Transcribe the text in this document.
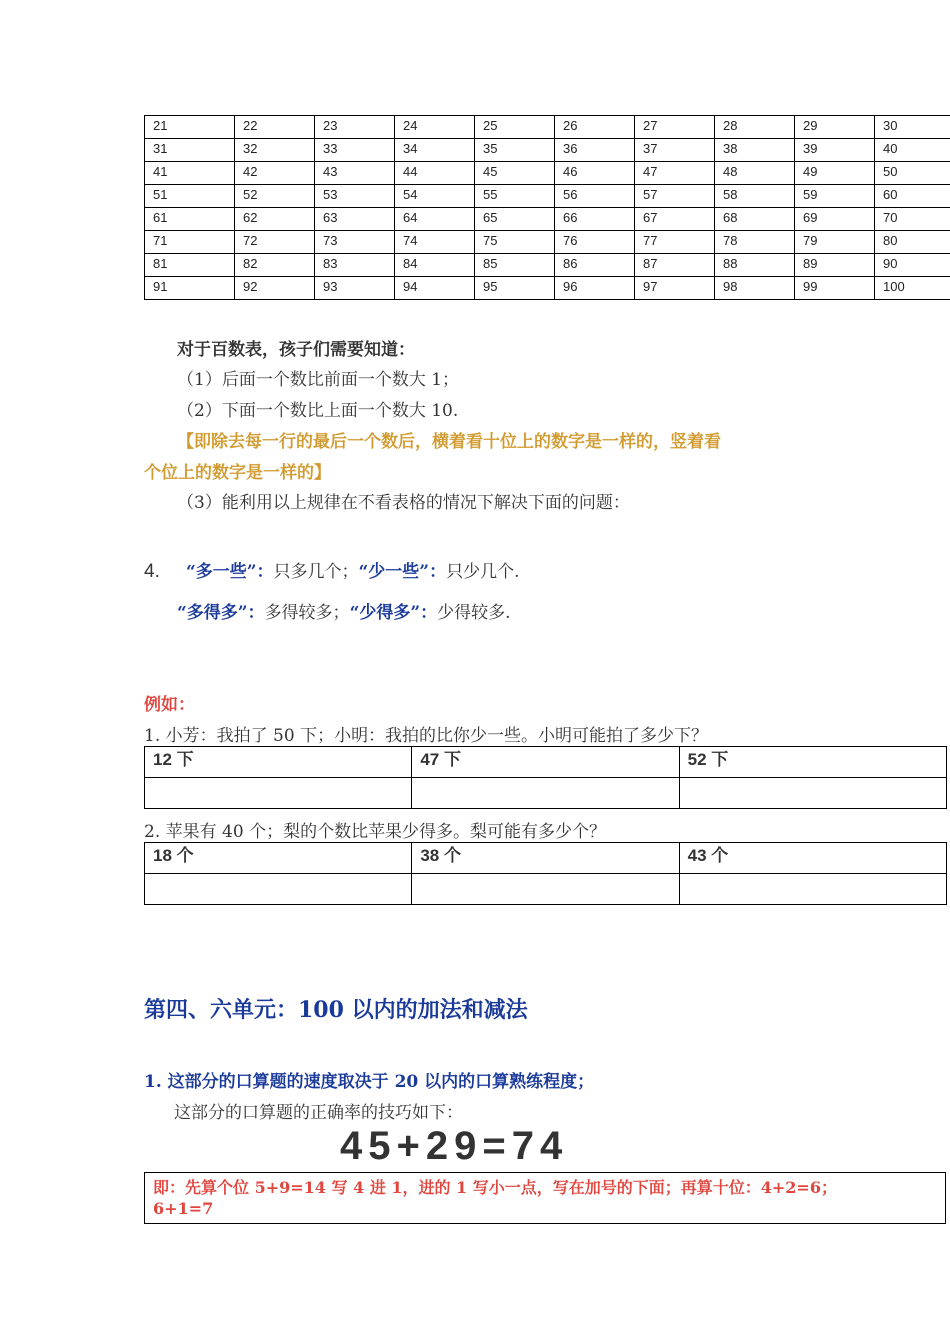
21	22	23	24	25	26	27	28	29	30
31	32	33	34	35	36	37	38	39	40
41	42	43	44	45	46	47	48	49	50
51	52	53	54	55	56	57	58	59	60
61	62	63	64	65	66	67	68	69	70
71	72	73	74	75	76	77	78	79	80
81	82	83	84	85	86	87	88	89	90
91	92	93	94	95	96	97	98	99	100
对于百数表，孩子们需要知道：
（1）后面一个数比前面一个数大 1；
（2）下面一个数比上面一个数大 10.
【即除去每一行的最后一个数后，横着看十位上的数字是一样的，竖着看
个位上的数字是一样的】
（3）能利用以上规律在不看表格的情况下解决下面的问题：
4. “多一些”：只多几个；“少一些”：只少几个.
“多得多”：多得较多；“少得多”：少得较多.
例如：
1. 小芳：我拍了 50 下；小明：我拍的比你少一些。小明可能拍了多少下？
12 下	47 下	52 下

2. 苹果有 40 个；梨的个数比苹果少得多。梨可能有多少个？
18 个	38 个	43 个

第四、六单元：100 以内的加法和减法
1. 这部分的口算题的速度取决于 20 以内的口算熟练程度；
这部分的口算题的正确率的技巧如下：
45+29=74
即：先算个位 5+9=14 写 4 进 1，进的 1 写小一点，写在加号的下面；再算十位：4+2=6；
6+1=7
